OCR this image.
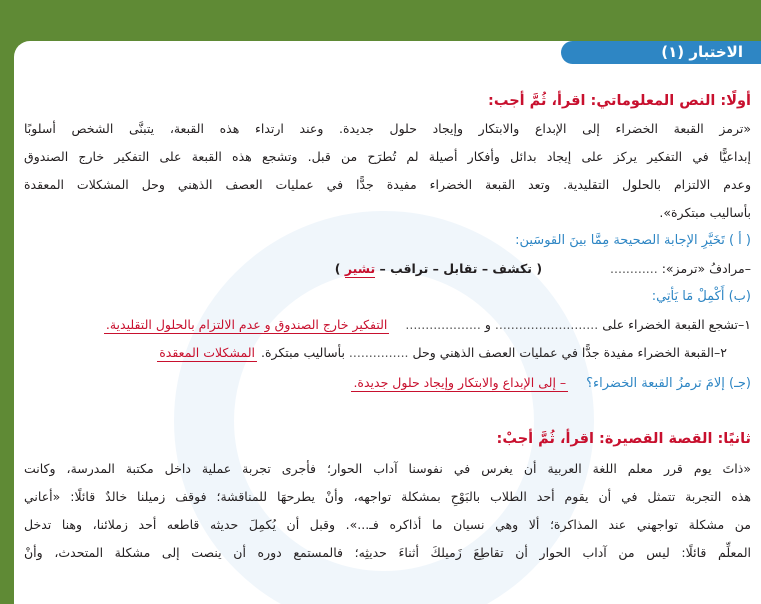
الاختبار (١)
أولًا: النص المعلوماتي: اقرأ، ثُمَّ أجب:
«ترمز القبعة الخضراء إلى الإبداع والابتكار وإيجاد حلول جديدة. وعند ارتداء هذه القبعة، يتبنَّى الشخص أسلوبًا
إبداعيًّا في التفكير يركز على إيجاد بدائل وأفكار أصيلة لم تُطرَح من قبل. وتشجع هذه القبعة على التفكير خارج الصندوق
وعدم الالتزام بالحلول التقليدية. وتعد القبعة الخضراء مفيدة جدًّا في عمليات العصف الذهني وحل المشكلات المعقدة
بأساليب مبتكرة».
( أ ) تَخَيَّرِ الإجابة الصحيحة مِمَّا بينَ القوسَين:
–مرادفُ «ترمز»: ............  ( تكشف – تقابل – تراقب – تشير )
(ب) أَكْمِلْ مَا يَأتِي:
١–تشجع القبعة الخضراء على .......................... و ...................  التفكير خارج الصندوق و عدم الالتزام بالحلول التقليدية.
٢–القبعة الخضراء مفيدة جدًّا في عمليات العصف الذهني وحل ............... بأساليب مبتكرة. المشكلات المعقدة
(جـ) إلامَ ترمزُ القبعة الخضراء؟  – إلى الإبداع والابتكار وإيجاد حلول جديدة.
ثانيًا: القصة القصيرة: اقرأ، ثُمَّ أجبْ:
«ذاتَ يوم قرر معلم اللغة العربية أن يغرس في نفوسنا آداب الحوار؛ فأجرى تجربة عملية داخل مكتبة المدرسة، وكانت
هذه التجربة تتمثل في أن يقوم أحد الطلاب بالبَوْحِ بمشكلة تواجهه، وأنْ يطرحهَا للمناقشة؛ فوقف زميلنا خالدٌ قائلًا: «أعاني
من مشكلة تواجهني عند المذاكرة؛ ألا وهي نسيان ما أذاكره فـ...». وقبل أن يُكمِلَ حديثه قاطعه أحد زملائنا، وهنا تدخل
المعلِّم قائلًا: ليس من آداب الحوار أن تقاطِعَ زَميلكَ أثناءَ حديثِه؛ فالمستمع دوره أن ينصت إلى مشكلة المتحدث، وأنْ
